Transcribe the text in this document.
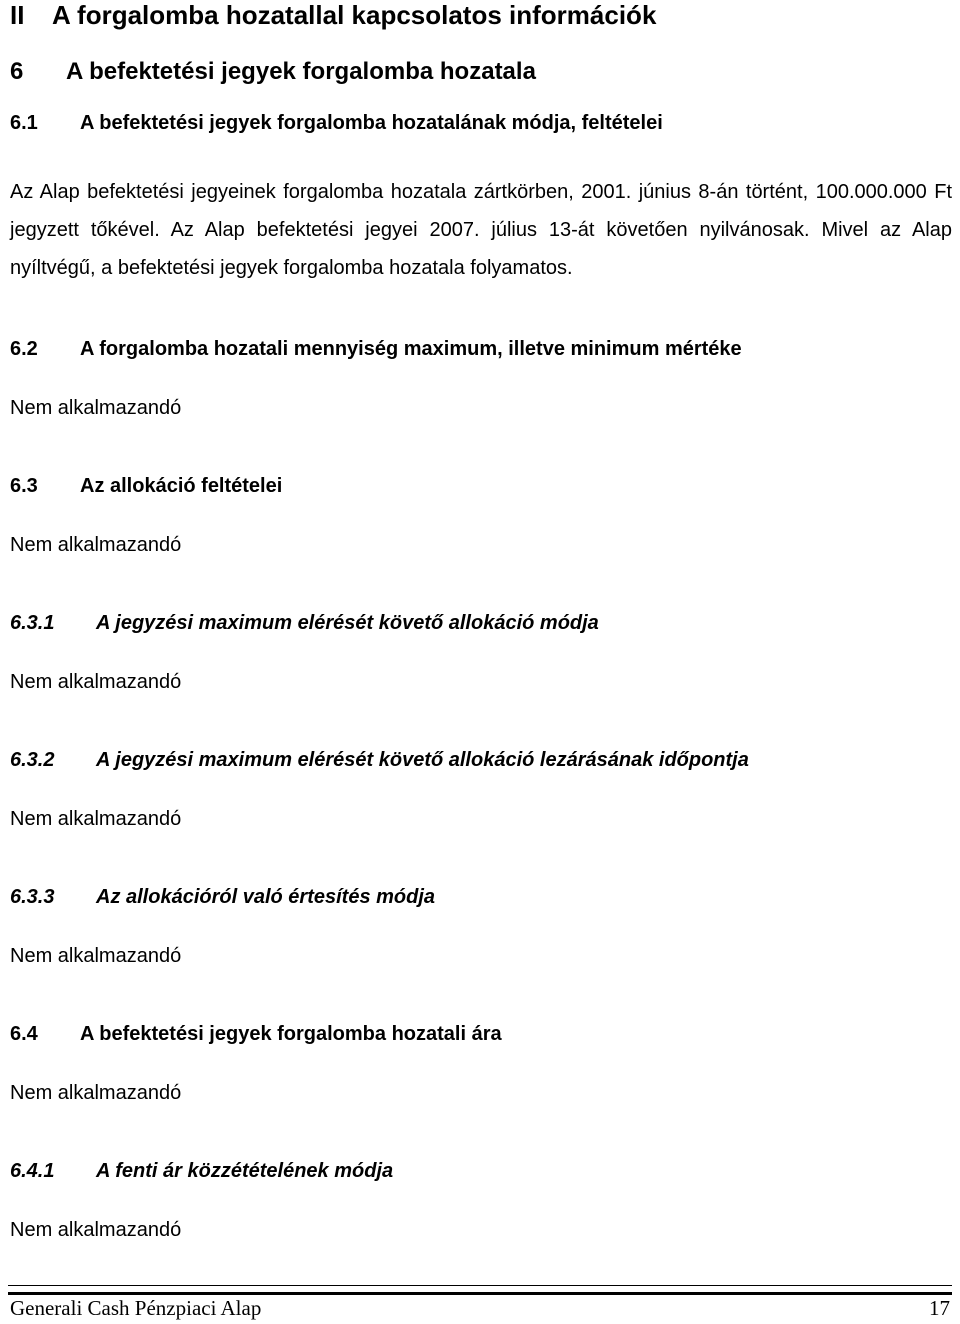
II A forgalomba hozatallal kapcsolatos információk
6 A befektetési jegyek forgalomba hozatala
6.1 A befektetési jegyek forgalomba hozatalának módja, feltételei

Az Alap befektetési jegyeinek forgalomba hozatala zártkörben, 2001. június 8-án történt, 100.000.000 Ft jegyzett tőkével. Az Alap befektetési jegyei 2007. július 13-át követően nyilvánosak. Mivel az Alap nyíltvégű, a befektetési jegyek forgalomba hozatala folyamatos.

6.2 A forgalomba hozatali mennyiség maximum, illetve minimum mértéke

Nem alkalmazandó

6.3 Az allokáció feltételei

Nem alkalmazandó

6.3.1 A jegyzési maximum elérését követő allokáció módja

Nem alkalmazandó

6.3.2 A jegyzési maximum elérését követő allokáció lezárásának időpontja

Nem alkalmazandó

6.3.3 Az allokációról való értesítés módja

Nem alkalmazandó

6.4 A befektetési jegyek forgalomba hozatali ára

Nem alkalmazandó

6.4.1 A fenti ár közzétételének módja

Nem alkalmazandó

Generali Cash Pénzpiaci Alap	17
